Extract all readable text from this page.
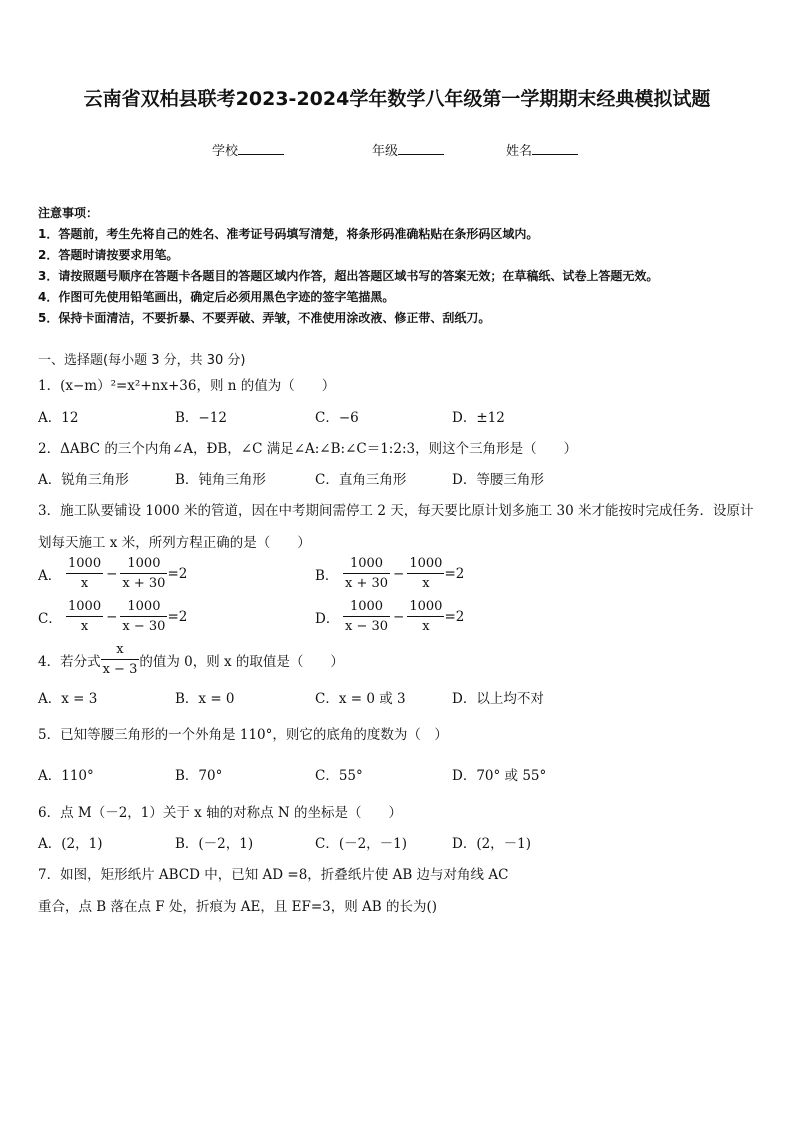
云南省双柏县联考2023-2024学年数学八年级第一学期期末经典模拟试题
学校	年级	姓名
注意事项：
1．答题前，考生先将自己的姓名、准考证号码填写清楚，将条形码准确粘贴在条形码区域内。
2．答题时请按要求用笔。
3．请按照题号顺序在答题卡各题目的答题区域内作答，超出答题区域书写的答案无效；在草稿纸、试卷上答题无效。
4．作图可先使用铅笔画出，确定后必须用黑色字迹的签字笔描黑。
5．保持卡面清洁，不要折暴、不要弄破、弄皱，不准使用涂改液、修正带、刮纸刀。
一、选择题(每小题 3 分，共 30 分)
1．(x−m）²=x²+nx+36，则 n 的值为（　　）
A．12	B．−12	C．−6	D．±12
2．ΔABC 的三个内角∠A，ÐB，∠C 满足∠A:∠B:∠C＝1:2:3，则这个三角形是（　　）
A．锐角三角形	B．钝角三角形	C．直角三角形	D．等腰三角形
3．施工队要铺设 1000 米的管道，因在中考期间需停工 2 天，每天要比原计划多施工 30 米才能按时完成任务．设原计
划每天施工 x 米，所列方程正确的是（　　）
A． $\frac{1000}{x} - \frac{1000}{x + 30} =2$	B． $\frac{1000}{x + 30} - \frac{1000}{x} =2$
C． $\frac{1000}{x} - \frac{1000}{x - 30} =2$	D． $\frac{1000}{x - 30} - \frac{1000}{x} =2$
4．若分式 $\frac{x}{x - 3}$ 的值为 0，则 x 的取值是（　　）
A．x = 3	B．x = 0	C．x = 0 或 3	D．以上均不对
5．已知等腰三角形的一个外角是 110°，则它的底角的度数为（　）
A．110°	B．70°	C．55°	D．70° 或 55°
6．点 M（－2，1）关于 x 轴的对称点 N 的坐标是（　　）
A．(2，1)	B．(－2，1)	C．(－2，－1)	D．(2，－1)
7．如图，矩形纸片 ABCD 中，已知 AD =8，折叠纸片使 AB 边与对角线 AC
重合，点 B 落在点 F 处，折痕为 AE，且 EF=3，则 AB 的长为()
